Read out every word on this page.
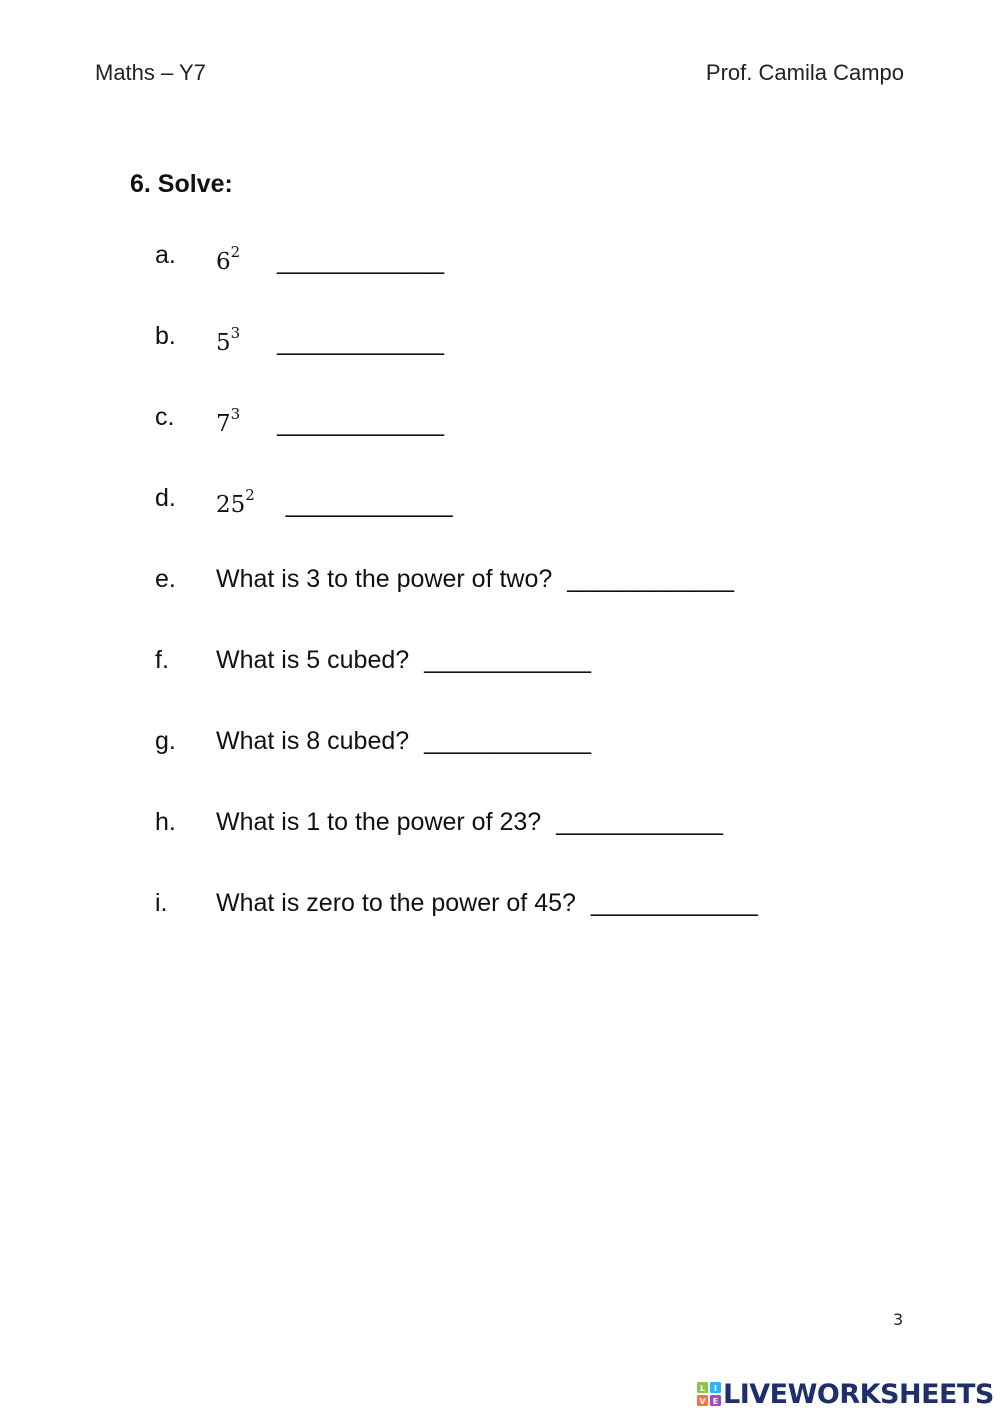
Maths – Y7	Prof. Camila Campo
6. Solve:
a. $6^2$ ____________
b. $5^3$ ____________
c. $7^3$ ____________
d. $25^2$ ____________
e. What is 3 to the power of two? ____________
f. What is 5 cubed? ____________
g. What is 8 cubed? ____________
h. What is 1 to the power of 23? ____________
i. What is zero to the power of 45? ____________
3
L I
V E LIVEWORKSHEETS
